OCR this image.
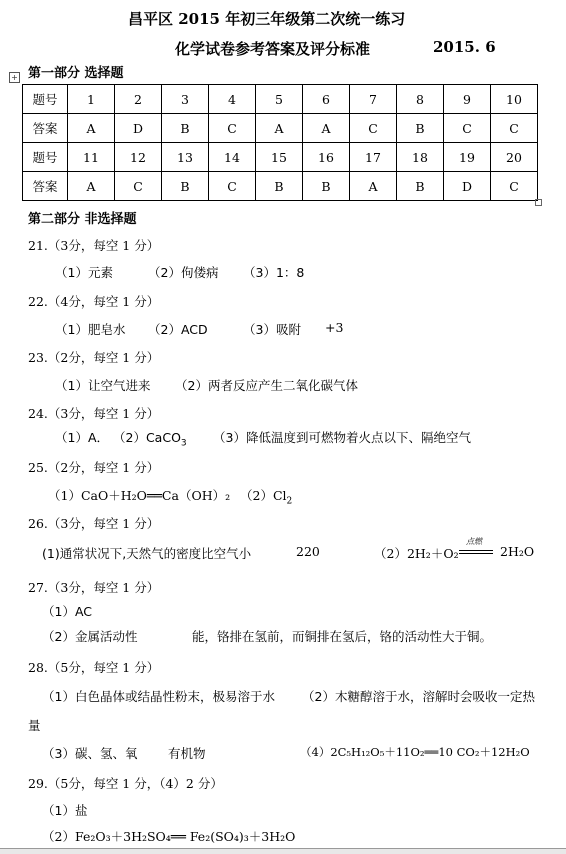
+
昌平区 2015 年初三年级第二次统一练习
化学试卷参考答案及评分标准	2015. 6
第一部分 选择题
题号	1	2	3	4	5	6	7	8	9	10
答案	A	D	B	C	A	A	C	B	C	C
题号	11	12	13	14	15	16	17	18	19	20
答案	A	C	B	C	B	B	A	B	D	C
第二部分 非选择题
21.（3分，每空 1 分）
（1）元素	（2）佝偻病 （3）1：8
22.（4分，每空 1 分）
（1）肥皂水 （2）ACD	（3）吸附 +3
23.（2分，每空 1 分）
（1）让空气进来 （2）两者反应产生二氧化碳气体
24.（3分，每空 1 分）
（1）A． （2）CaCO$_3$ （3）降低温度到可燃物着火点以下、隔绝空气
25.（2分，每空 1 分）
（1）CaO＋H₂O══Ca（OH）₂ $(2)Cl_2$
26.（3分，每空 1 分）
(1)通常状况下,天然气的密度比空气小	220	（2）2H₂＋O₂
点燃
2H₂O
27.（3分，每空 1 分）
（1）AC
（2）金属活动性	能，铬排在氢前，而铜排在氢后，铬的活动性大于铜。
28.（5分，每空 1 分）
（1）白色晶体或结晶性粉末，极易溶于水 （2）木糖醇溶于水，溶解时会吸收一定热
量
（3）碳、氢、氧 有机物	（4）2C₅H₁₂O₅＋11O₂══10 CO₂＋12H₂O
29.（5分，每空 1 分，（4）2 分）
（1）盐
（2）Fe₂O₃＋3H₂SO₄══ Fe₂(SO₄)₃＋3H₂O
